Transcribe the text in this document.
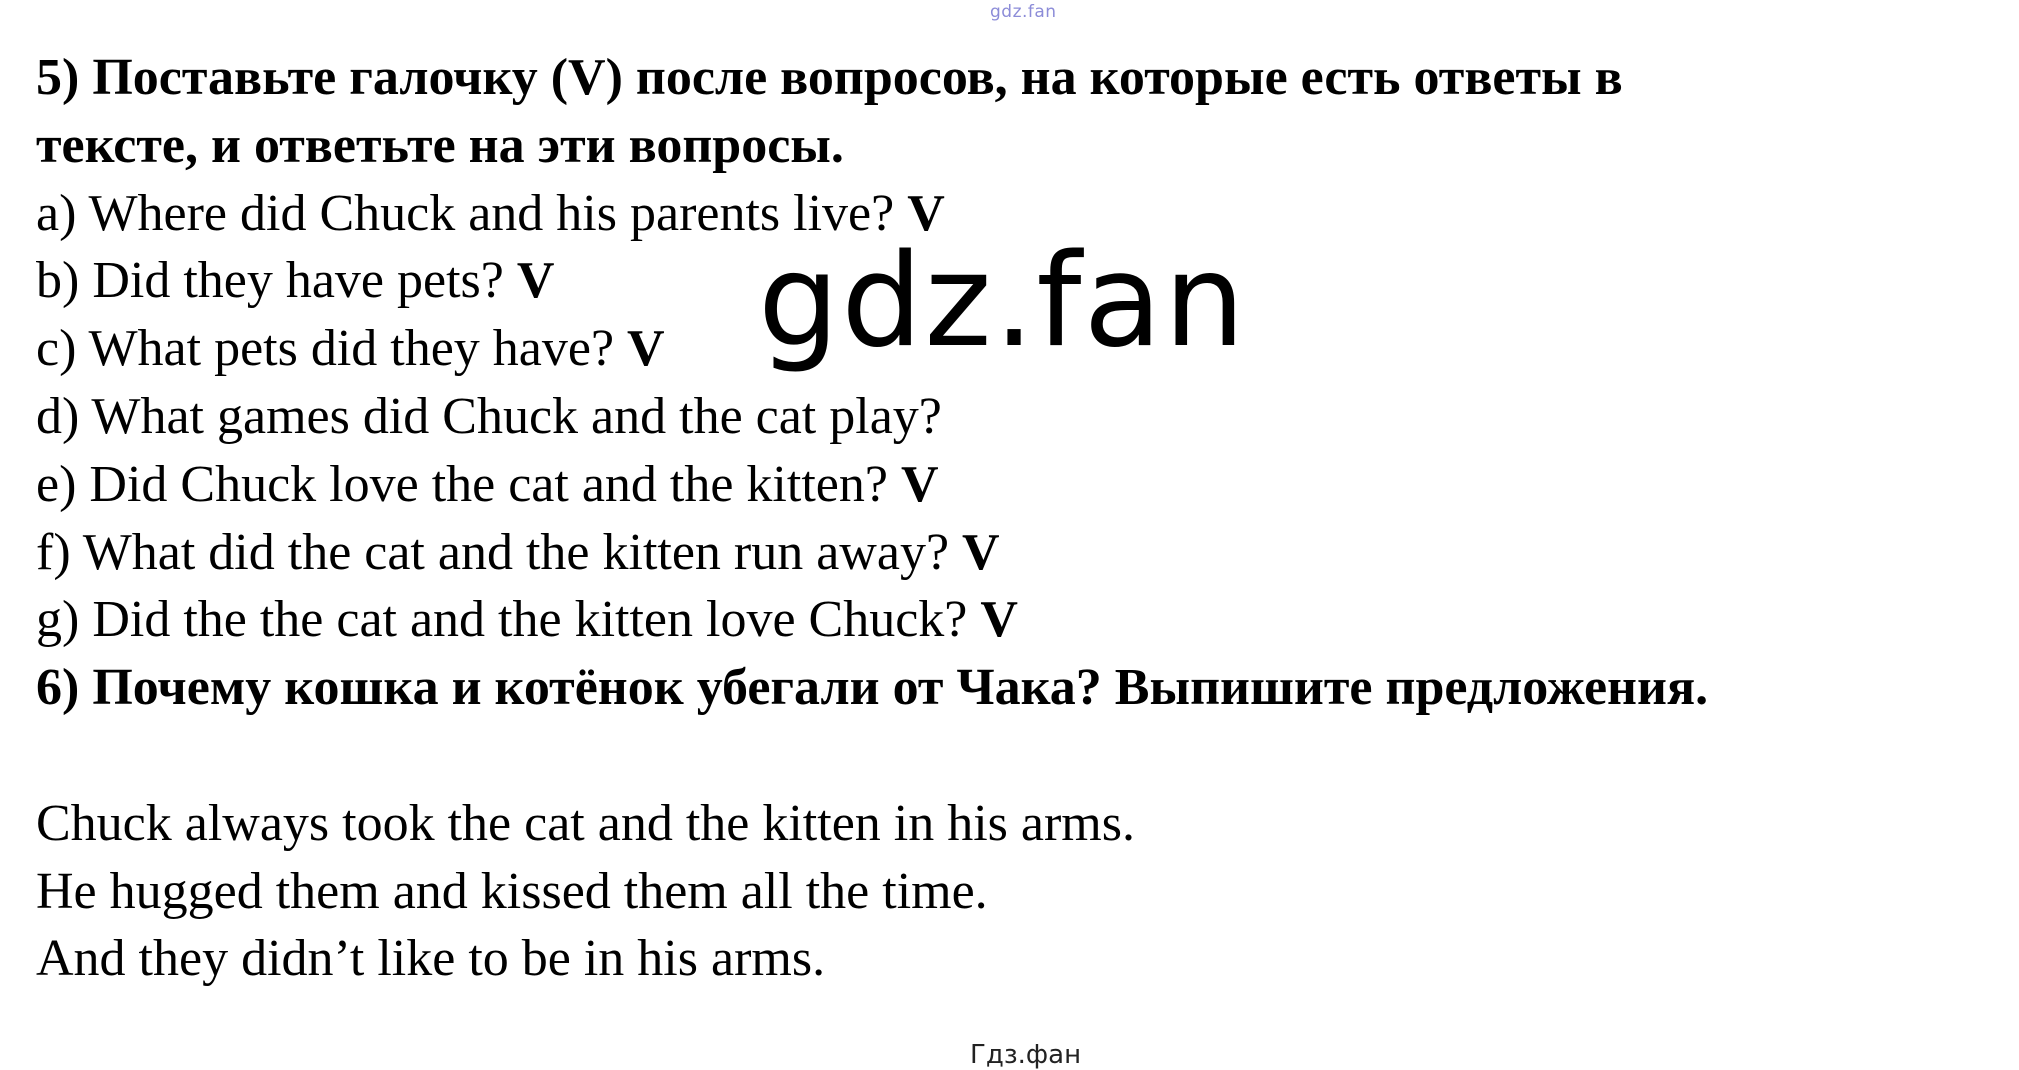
gdz.fan
5) Поставьте галочку (V) после вопросов, на которые есть ответы в
тексте, и ответьте на эти вопросы.
a) Where did Chuck and his parents live? V
b) Did they have pets? V
c) What pets did they have? V
d) What games did Chuck and the cat play?
e) Did Chuck love the cat and the kitten? V
f) What did the cat and the kitten run away? V
g) Did the the cat and the kitten love Chuck? V
6) Почему кошка и котёнок убегали от Чака? Выпишите предложения.
Chuck always took the cat and the kitten in his arms.
He hugged them and kissed them all the time.
And they didn’t like to be in his arms.
gdz.fan
Гдз.фан
